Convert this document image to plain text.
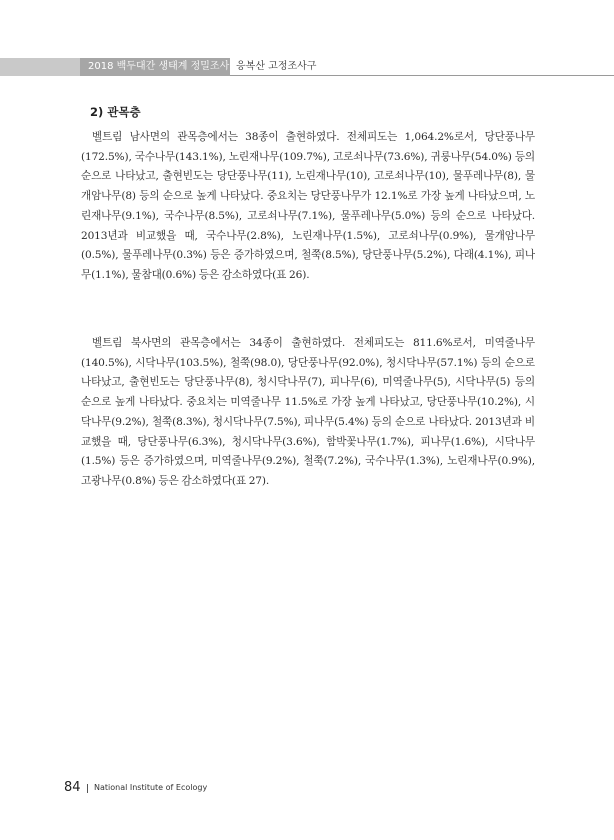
2018 백두대간 생태계 정밀조사 응복산 고정조사구
2) 관목층

벨트림 남사면의 관목층에서는 38종이 출현하였다. 전체피도는 1,064.2%로서, 당단풍나무(172.5%), 국수나무(143.1%), 노린재나무(109.7%), 고로쇠나무(73.6%), 귀룽나무(54.0%) 등의 순으로 나타났고, 출현빈도는 당단풍나무(11), 노린재나무(10), 고로쇠나무(10), 물푸레나무(8), 물개암나무(8) 등의 순으로 높게 나타났다. 중요치는 당단풍나무가 12.1%로 가장 높게 나타났으며, 노린재나무(9.1%), 국수나무(8.5%), 고로쇠나무(7.1%), 물푸레나무(5.0%) 등의 순으로 나타났다. 2013년과 비교했을 때, 국수나무(2.8%), 노린재나무(1.5%), 고로쇠나무(0.9%), 물개암나무(0.5%), 물푸레나무(0.3%) 등은 증가하였으며, 철쭉(8.5%), 당단풍나무(5.2%), 다래(4.1%), 피나무(1.1%), 물참대(0.6%) 등은 감소하였다(표 26).

벨트림 북사면의 관목층에서는 34종이 출현하였다. 전체피도는 811.6%로서, 미역줄나무(140.5%), 시닥나무(103.5%), 철쭉(98.0), 당단풍나무(92.0%), 청시닥나무(57.1%) 등의 순으로 나타났고, 출현빈도는 당단풍나무(8), 청시닥나무(7), 피나무(6), 미역줄나무(5), 시닥나무(5) 등의 순으로 높게 나타났다. 중요치는 미역줄나무 11.5%로 가장 높게 나타났고, 당단풍나무(10.2%), 시닥나무(9.2%), 철쭉(8.3%), 청시닥나무(7.5%), 피나무(5.4%) 등의 순으로 나타났다. 2013년과 비교했을 때, 당단풍나무(6.3%), 청시닥나무(3.6%), 함박꽃나무(1.7%), 피나무(1.6%), 시닥나무(1.5%) 등은 증가하였으며, 미역줄나무(9.2%), 철쭉(7.2%), 국수나무(1.3%), 노린재나무(0.9%), 고광나무(0.8%) 등은 감소하였다(표 27).

84 National Institute of Ecology
